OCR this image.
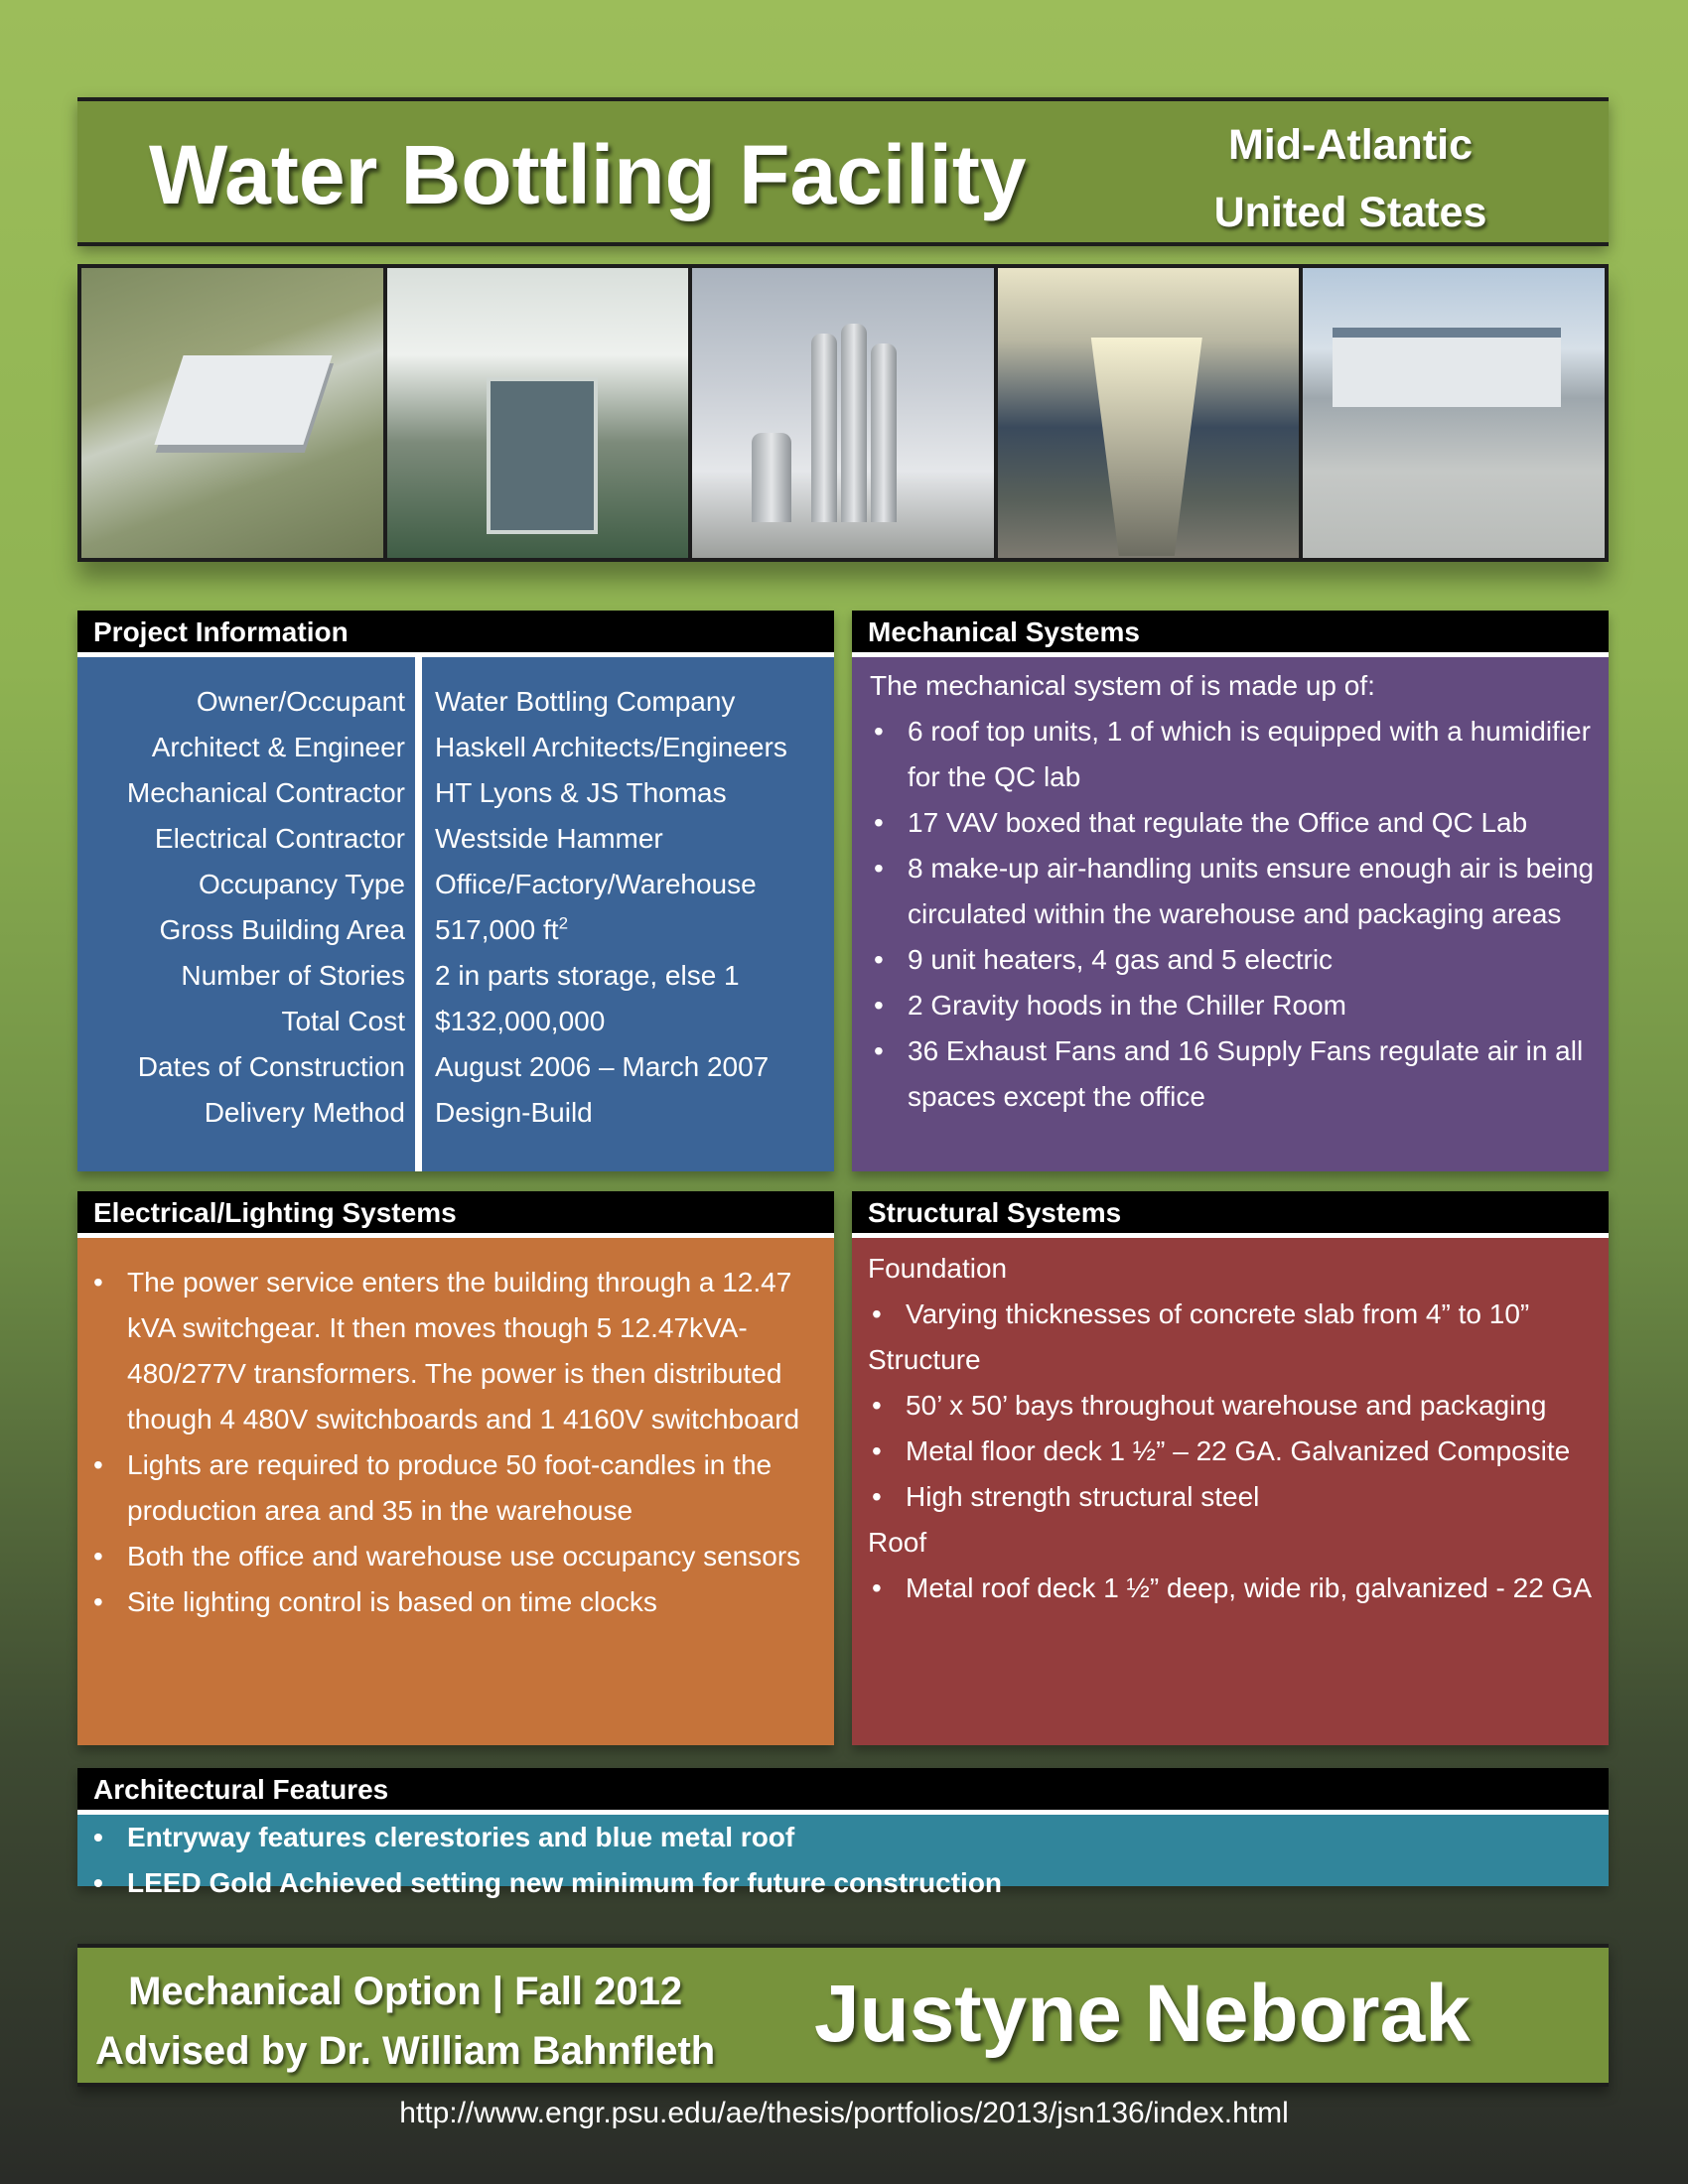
Water Bottling Facility	Mid-Atlantic
United States
Project Information
Owner/Occupant Water Bottling Company
Architect & Engineer Haskell Architects/Engineers
Mechanical Contractor HT Lyons & JS Thomas
Electrical Contractor Westside Hammer
Occupancy Type Office/Factory/Warehouse
Gross Building Area 517,000 $ft^2$
Number of Stories 2 in parts storage, else 1
Total Cost $132,000,000
Dates of Construction August 2006 – March 2007
Delivery Method Design-Build
Mechanical Systems
The mechanical system of is made up of:
• 6 roof top units, 1 of which is equipped with a humidifier for the QC lab
• 17 VAV boxed that regulate the Office and QC Lab
• 8 make-up air-handling units ensure enough air is being circulated within the warehouse and packaging areas
• 9 unit heaters, 4 gas and 5 electric
• 2 Gravity hoods in the Chiller Room
• 36 Exhaust Fans and 16 Supply Fans regulate air in all spaces except the office
Electrical/Lighting Systems
• The power service enters the building through a 12.47 kVA switchgear. It then moves though 5 12.47kVA-480/277V transformers. The power is then distributed though 4 480V switchboards and 1 4160V switchboard
• Lights are required to produce 50 foot-candles in the production area and 35 in the warehouse
• Both the office and warehouse use occupancy sensors
• Site lighting control is based on time clocks
Structural Systems
Foundation
• Varying thicknesses of concrete slab from 4” to 10”
Structure
• 50’ x 50’ bays throughout warehouse and packaging
• Metal floor deck 1 ½” – 22 GA. Galvanized Composite
• High strength structural steel
Roof
• Metal roof deck 1 ½” deep, wide rib, galvanized - 22 GA
Architectural Features
• Entryway features clerestories and blue metal roof
• LEED Gold Achieved setting new minimum for future construction
Mechanical Option | Fall 2012
Advised by Dr. William Bahnfleth Justyne Neborak
http://www.engr.psu.edu/ae/thesis/portfolios/2013/jsn136/index.html
